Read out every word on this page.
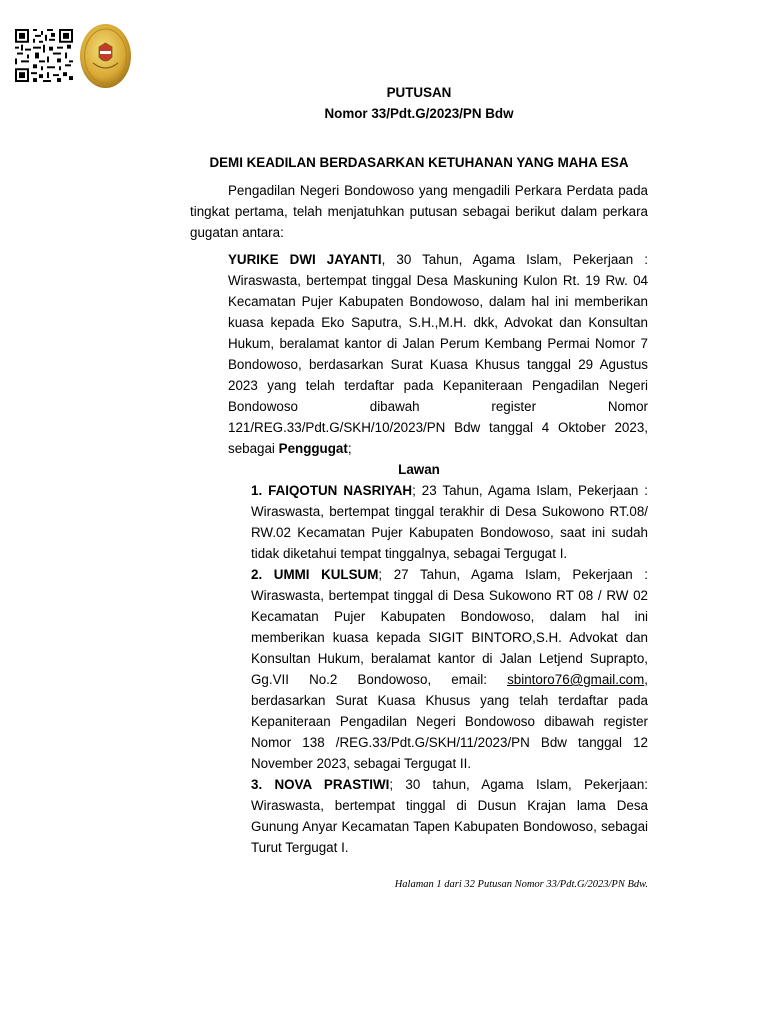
PUTUSAN
Nomor 33/Pdt.G/2023/PN Bdw
DEMI KEADILAN BERDASARKAN KETUHANAN YANG MAHA ESA

Pengadilan Negeri Bondowoso yang mengadili Perkara Perdata pada tingkat pertama, telah menjatuhkan putusan sebagai berikut dalam perkara gugatan antara:

YURIKE DWI JAYANTI, 30 Tahun, Agama Islam, Pekerjaan : Wiraswasta, bertempat tinggal Desa Maskuning Kulon Rt. 19 Rw. 04 Kecamatan Pujer Kabupaten Bondowoso, dalam hal ini memberikan kuasa kepada Eko Saputra, S.H.,M.H. dkk, Advokat dan Konsultan Hukum, beralamat kantor di Jalan Perum Kembang Permai Nomor 7 Bondowoso, berdasarkan Surat Kuasa Khusus tanggal 29 Agustus 2023 yang telah terdaftar pada Kepaniteraan Pengadilan Negeri Bondowoso dibawah register Nomor 121/REG.33/Pdt.G/SKH/10/2023/PN Bdw tanggal 4 Oktober 2023, sebagai Penggugat;

Lawan

1. FAIQOTUN NASRIYAH; 23 Tahun, Agama Islam, Pekerjaan : Wiraswasta, bertempat tinggal terakhir di Desa Sukowono RT.08/ RW.02 Kecamatan Pujer Kabupaten Bondowoso, saat ini sudah tidak diketahui tempat tinggalnya, sebagai Tergugat I.

2. UMMI KULSUM; 27 Tahun, Agama Islam, Pekerjaan : Wiraswasta, bertempat tinggal di Desa Sukowono RT 08 / RW 02 Kecamatan Pujer Kabupaten Bondowoso, dalam hal ini memberikan kuasa kepada SIGIT BINTORO,S.H. Advokat dan Konsultan Hukum, beralamat kantor di Jalan Letjend Suprapto, Gg.VII No.2 Bondowoso, email: sbintoro76@gmail.com, berdasarkan Surat Kuasa Khusus yang telah terdaftar pada Kepaniteraan Pengadilan Negeri Bondowoso dibawah register Nomor 138 /REG.33/Pdt.G/SKH/11/2023/PN Bdw tanggal 12 November 2023, sebagai Tergugat II.

3. NOVA PRASTIWI; 30 tahun, Agama Islam, Pekerjaan: Wiraswasta, bertempat tinggal di Dusun Krajan lama Desa Gunung Anyar Kecamatan Tapen Kabupaten Bondowoso, sebagai Turut Tergugat I.

Halaman 1 dari 32 Putusan Nomor 33/Pdt.G/2023/PN Bdw.
